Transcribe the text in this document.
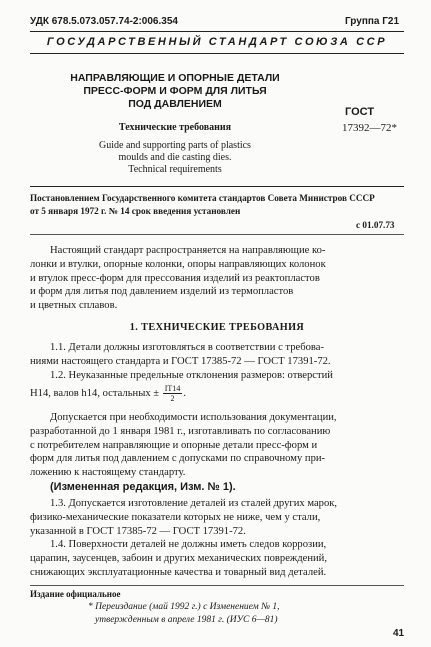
УДК 678.5.073.057.74-2:006.354	Группа Г21
ГОСУДАРСТВЕННЫЙ СТАНДАРТ СОЮЗА ССР
НАПРАВЛЯЮЩИЕ И ОПОРНЫЕ ДЕТАЛИ
ПРЕСС-ФОРМ И ФОРМ ДЛЯ ЛИТЬЯ
ПОД ДАВЛЕНИЕМ
Технические требования
Guide and supporting parts of plastics
moulds and die casting dies.
Technical requirements
ГОСТ
17392—72*
Постановлением Государственного комитета стандартов Совета Министров СССР
от 5 января 1972 г. № 14 срок введения установлен
с 01.07.73
Настоящий стандарт распространяется на направляющие ко-
лонки и втулки, опорные колонки, опоры направляющих колонок
и втулок пресс-форм для прессования изделий из реактопластов
и форм для литья под давлением изделий из термопластов
и цветных сплавов.
1. ТЕХНИЧЕСКИЕ ТРЕБОВАНИЯ
1.1. Детали должны изготовляться в соответствии с требова-
ниями настоящего стандарта и ГОСТ 17385-72 — ГОСТ 17391-72.
1.2. Неуказанные предельные отклонения размеров: отверстий
Н14, валов h14, остальных ± $\frac{IT14}{2}$ .
Допускается при необходимости использования документации,
разработанной до 1 января 1981 г., изготавливать по согласованию
с потребителем направляющие и опорные детали пресс-форм и
форм для литья под давлением с допусками по справочному при-
ложению к настоящему стандарту.
(Измененная редакция, Изм. № 1).
1.3. Допускается изготовление деталей из сталей других марок,
физико-механические показатели которых не ниже, чем у стали,
указанной в ГОСТ 17385-72 — ГОСТ 17391-72.
1.4. Поверхности деталей не должны иметь следов коррозии,
царапин, заусенцев, забоин и других механических повреждений,
снижающих эксплуатационные качества и товарный вид деталей.
Издание официальное
* Переиздание (май 1992 г.) с Изменением № 1,
утвержденным в апреле 1981 г. (ИУС 6—81)
41
